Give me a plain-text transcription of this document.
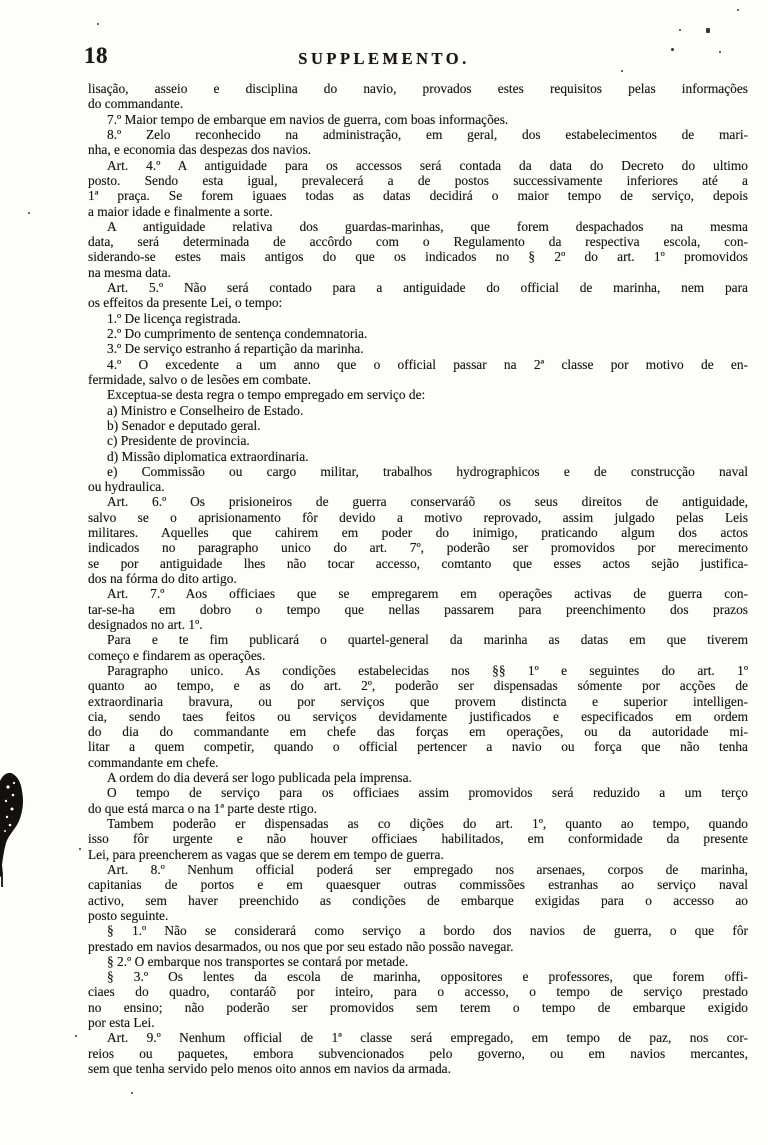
18	SUPPLEMENTO.
lisação, asseio e disciplina do navio, provados estes requisitos pelas informações
do commandante.
7.º Maior tempo de embarque em navios de guerra, com boas informações.
8.º Zelo reconhecido na administração, em geral, dos estabelecimentos de mari-
nha, e economia das despezas dos navios.
Art. 4.º A antiguidade para os accessos será contada da data do Decreto do ultimo
posto. Sendo esta igual, prevalecerá a de postos successivamente inferiores até a
1ª praça. Se forem iguaes todas as datas decidirá o maior tempo de serviço, depois
a maior idade e finalmente a sorte.
A antiguidade relativa dos guardas-marinhas, que forem despachados na mesma
data, será determinada de accôrdo com o Regulamento da respectiva escola, con-
siderando-se estes mais antigos do que os indicados no § 2º do art. 1º promovidos
na mesma data.
Art. 5.º Não será contado para a antiguidade do official de marinha, nem para
os effeitos da presente Lei, o tempo:
1.º De licença registrada.
2.º Do cumprimento de sentença condemnatoria.
3.º De serviço estranho á repartição da marinha.
4.º O excedente a um anno que o official passar na 2ª classe por motivo de en-
fermidade, salvo o de lesões em combate.
Exceptua-se desta regra o tempo empregado em serviço de:
a) Ministro e Conselheiro de Estado.
b) Senador e deputado geral.
c) Presidente de provincia.
d) Missão diplomatica extraordinaria.
e) Commissão ou cargo militar, trabalhos hydrographicos e de construcção naval
ou hydraulica.
Art. 6.º Os prisioneiros de guerra conservaráõ os seus direitos de antiguidade,
salvo se o aprisionamento fôr devido a motivo reprovado, assim julgado pelas Leis
militares. Aquelles que cahirem em poder do inimigo, praticando algum dos actos
indicados no paragrapho unico do art. 7º, poderão ser promovidos por merecimento
se por antiguidade lhes não tocar accesso, comtanto que esses actos sejão justifica-
dos na fórma do dito artigo.
Art. 7.º Aos officiaes que se empregarem em operações activas de guerra con-
tar-se-ha em dobro o tempo que nellas passarem para preenchimento dos prazos
designados no art. 1º.
Para e te fim publicará o quartel-general da marinha as datas em que tiverem
começo e findarem as operações.
Paragrapho unico. As condições estabelecidas nos §§ 1º e seguintes do art. 1º
quanto ao tempo, e as do art. 2º, poderão ser dispensadas sómente por acções de
extraordinaria bravura, ou por serviços que provem distincta e superior intelligen-
cia, sendo taes feitos ou serviços devidamente justificados e especificados em ordem
do dia do commandante em chefe das forças em operações, ou da autoridade mi-
litar a quem competir, quando o official pertencer a navio ou força que não tenha
commandante em chefe.
A ordem do dia deverá ser logo publicada pela imprensa.
O tempo de serviço para os officiaes assim promovidos será reduzido a um terço
do que está marca o na 1ª parte deste rtigo.
Tambem poderão er dispensadas as co dições do art. 1º, quanto ao tempo, quando
isso fôr urgente e não houver officiaes habilitados, em conformidade da presente
Lei, para preencherem as vagas que se derem em tempo de guerra.
Art. 8.º Nenhum official poderá ser empregado nos arsenaes, corpos de marinha,
capitanias de portos e em quaesquer outras commissões estranhas ao serviço naval
activo, sem haver preenchido as condições de embarque exigidas para o accesso ao
posto seguinte.
§ 1.º Não se considerará como serviço a bordo dos navios de guerra, o que fôr
prestado em navios desarmados, ou nos que por seu estado não possão navegar.
§ 2.º O embarque nos transportes se contará por metade.
§ 3.º Os lentes da escola de marinha, oppositores e professores, que forem offi-
ciaes do quadro, contaráõ por inteiro, para o accesso, o tempo de serviço prestado
no ensino; não poderão ser promovidos sem terem o tempo de embarque exigido
por esta Lei.
Art. 9.º Nenhum official de 1ª classe será empregado, em tempo de paz, nos cor-
reios ou paquetes, embora subvencionados pelo governo, ou em navios mercantes,
sem que tenha servido pelo menos oito annos em navios da armada.
